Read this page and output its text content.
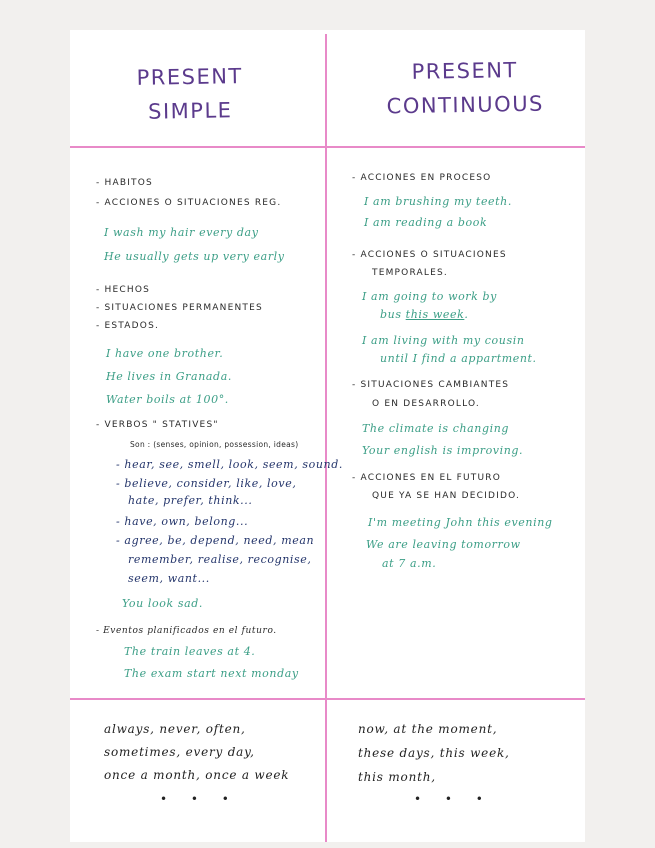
PRESENT
SIMPLE
PRESENT
CONTINUOUS
- HABITOS
- ACCIONES O SITUACIONES REG.
I wash my hair every day
He usually gets up very early
- HECHOS
- SITUACIONES PERMANENTES
- ESTADOS.
I have one brother.
He lives in Granada.
Water boils at 100°.
- VERBOS " STATIVES"
Son : (senses, opinion, possession, ideas)
- hear, see, smell, look, seem, sound.
- believe, consider, like, love,
hate, prefer, think...
- have, own, belong...
- agree, be, depend, need, mean
remember, realise, recognise,
seem, want...
You look sad.
- Eventos planificados en el futuro.
The train leaves at 4.
The exam start next monday
always, never, often,
sometimes, every day,
once a month, once a week
• • •
- ACCIONES EN PROCESO
I am brushing my teeth.
I am reading a book
- ACCIONES O SITUACIONES
TEMPORALES.
I am going to work by
bus this week.
I am living with my cousin
until I find a appartment.
- SITUACIONES CAMBIANTES
O EN DESARROLLO.
The climate is changing
Your english is improving.
- ACCIONES EN EL FUTURO
QUE YA SE HAN DECIDIDO.
I'm meeting John this evening
We are leaving tomorrow
at 7 a.m.
now, at the moment,
these days, this week,
this month,
• • •
